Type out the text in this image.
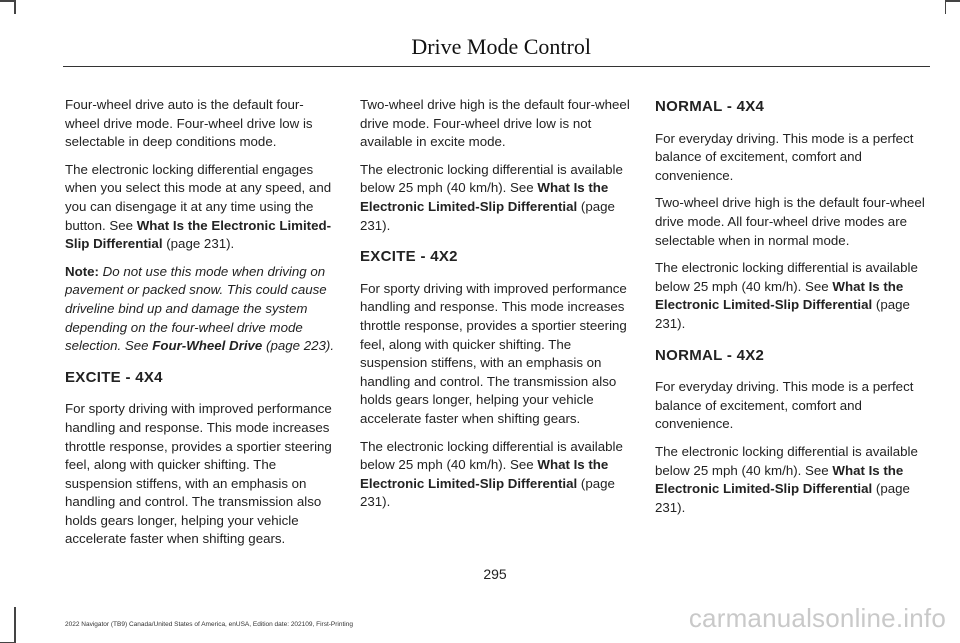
Drive Mode Control

Four-wheel drive auto is the default four-wheel drive mode. Four-wheel drive low is selectable in deep conditions mode.

The electronic locking differential engages when you select this mode at any speed, and you can disengage it at any time using the button. See What Is the Electronic Limited-Slip Differential (page 231).

Note: Do not use this mode when driving on pavement or packed snow. This could cause driveline bind up and damage the system depending on the four-wheel drive mode selection. See Four-Wheel Drive (page 223).

EXCITE - 4X4

For sporty driving with improved performance handling and response. This mode increases throttle response, provides a sportier steering feel, along with quicker shifting. The suspension stiffens, with an emphasis on handling and control. The transmission also holds gears longer, helping your vehicle accelerate faster when shifting gears.

Two-wheel drive high is the default four-wheel drive mode. Four-wheel drive low is not available in excite mode.

The electronic locking differential is available below 25 mph (40 km/h). See What Is the Electronic Limited-Slip Differential (page 231).

EXCITE - 4X2

For sporty driving with improved performance handling and response. This mode increases throttle response, provides a sportier steering feel, along with quicker shifting. The suspension stiffens, with an emphasis on handling and control. The transmission also holds gears longer, helping your vehicle accelerate faster when shifting gears.

The electronic locking differential is available below 25 mph (40 km/h). See What Is the Electronic Limited-Slip Differential (page 231).

NORMAL - 4X4

For everyday driving. This mode is a perfect balance of excitement, comfort and convenience.

Two-wheel drive high is the default four-wheel drive mode. All four-wheel drive modes are selectable when in normal mode.

The electronic locking differential is available below 25 mph (40 km/h). See What Is the Electronic Limited-Slip Differential (page 231).

NORMAL - 4X2

For everyday driving. This mode is a perfect balance of excitement, comfort and convenience.

The electronic locking differential is available below 25 mph (40 km/h). See What Is the Electronic Limited-Slip Differential (page 231).

295
2022 Navigator (TB9) Canada/United States of America, enUSA, Edition date: 202109, First-Printing	carmanualsonline.info
